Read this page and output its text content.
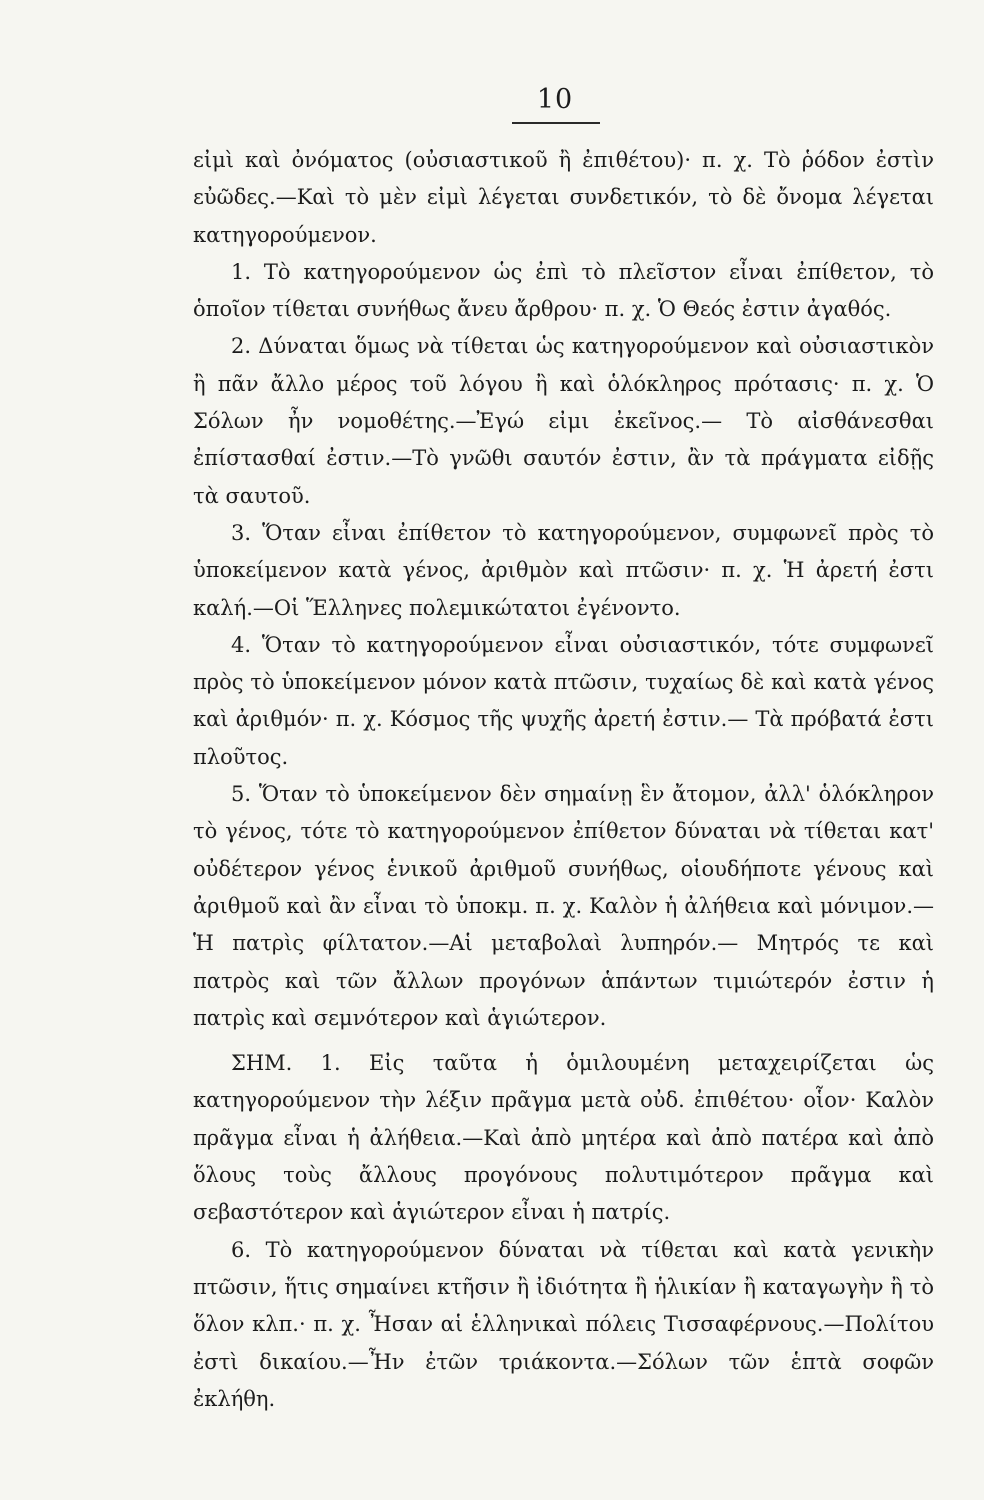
10

εἰμὶ καὶ ὀνόματος (οὐσιαστικοῦ ἢ ἐπιθέτου)· π. χ. Τὸ ῥόδον ἐστὶν εὐῶδες.—Καὶ τὸ μὲν εἰμὶ λέγεται συνδετικόν, τὸ δὲ ὄνομα λέγεται κατηγορούμενον.

1. Τὸ κατηγορούμενον ὡς ἐπὶ τὸ πλεῖστον εἶναι ἐπίθετον, τὸ ὁποῖον τίθεται συνήθως ἄνευ ἄρθρου· π. χ. Ὁ Θεός ἐστιν ἀγαθός.

2. Δύναται ὅμως νὰ τίθεται ὡς κατηγορούμενον καὶ οὐσιαστικὸν ἢ πᾶν ἄλλο μέρος τοῦ λόγου ἢ καὶ ὁλόκληρος πρότασις· π. χ. Ὁ Σόλων ἦν νομοθέτης.—Ἐγώ εἰμι ἐκεῖνος.— Τὸ αἰσθάνεσθαι ἐπίστασθαί ἐστιν.—Τὸ γνῶθι σαυτόν ἐστιν, ἂν τὰ πράγματα εἰδῇς τὰ σαυτοῦ.

3. Ὅταν εἶναι ἐπίθετον τὸ κατηγορούμενον, συμφωνεῖ πρὸς τὸ ὑποκείμενον κατὰ γένος, ἀριθμὸν καὶ πτῶσιν· π. χ. Ἡ ἀρετή ἐστι καλή.—Οἱ Ἕλληνες πολεμικώτατοι ἐγένοντο.

4. Ὅταν τὸ κατηγορούμενον εἶναι οὐσιαστικόν, τότε συμφωνεῖ πρὸς τὸ ὑποκείμενον μόνον κατὰ πτῶσιν, τυχαίως δὲ καὶ κατὰ γένος καὶ ἀριθμόν· π. χ. Κόσμος τῆς ψυχῆς ἀρετή ἐστιν.— Τὰ πρόβατά ἐστι πλοῦτος.

5. Ὅταν τὸ ὑποκείμενον δὲν σημαίνῃ ἓν ἄτομον, ἀλλ' ὁλόκληρον τὸ γένος, τότε τὸ κατηγορούμενον ἐπίθετον δύναται νὰ τίθεται κατ' οὐδέτερον γένος ἑνικοῦ ἀριθμοῦ συνήθως, οἱουδήποτε γένους καὶ ἀριθμοῦ καὶ ἂν εἶναι τὸ ὑποκμ. π. χ. Καλὸν ἡ ἀλήθεια καὶ μόνιμον.—Ἡ πατρὶς φίλτατον.—Αἱ μεταβολαὶ λυπηρόν.— Μητρός τε καὶ πατρὸς καὶ τῶν ἄλλων προγόνων ἁπάντων τιμιώτερόν ἐστιν ἡ πατρὶς καὶ σεμνότερον καὶ ἁγιώτερον.

ΣΗΜ. 1. Εἰς ταῦτα ἡ ὁμιλουμένη μεταχειρίζεται ὡς κατηγορούμενον τὴν λέξιν πρᾶγμα μετὰ οὐδ. ἐπιθέτου· οἷον· Καλὸν πρᾶγμα εἶναι ἡ ἀλήθεια.—Καὶ ἀπὸ μητέρα καὶ ἀπὸ πατέρα καὶ ἀπὸ ὅλους τοὺς ἄλλους προγόνους πολυτιμότερον πρᾶγμα καὶ σεβαστότερον καὶ ἁγιώτερον εἶναι ἡ πατρίς.

6. Τὸ κατηγορούμενον δύναται νὰ τίθεται καὶ κατὰ γενικὴν πτῶσιν, ἥτις σημαίνει κτῆσιν ἢ ἰδιότητα ἢ ἡλικίαν ἢ καταγωγὴν ἢ τὸ ὅλον κλπ.· π. χ. Ἦσαν αἱ ἑλληνικαὶ πόλεις Τισσαφέρνους.—Πολίτου ἐστὶ δικαίου.—Ἦν ἐτῶν τριάκοντα.—Σόλων τῶν ἑπτὰ σοφῶν ἐκλήθη.
